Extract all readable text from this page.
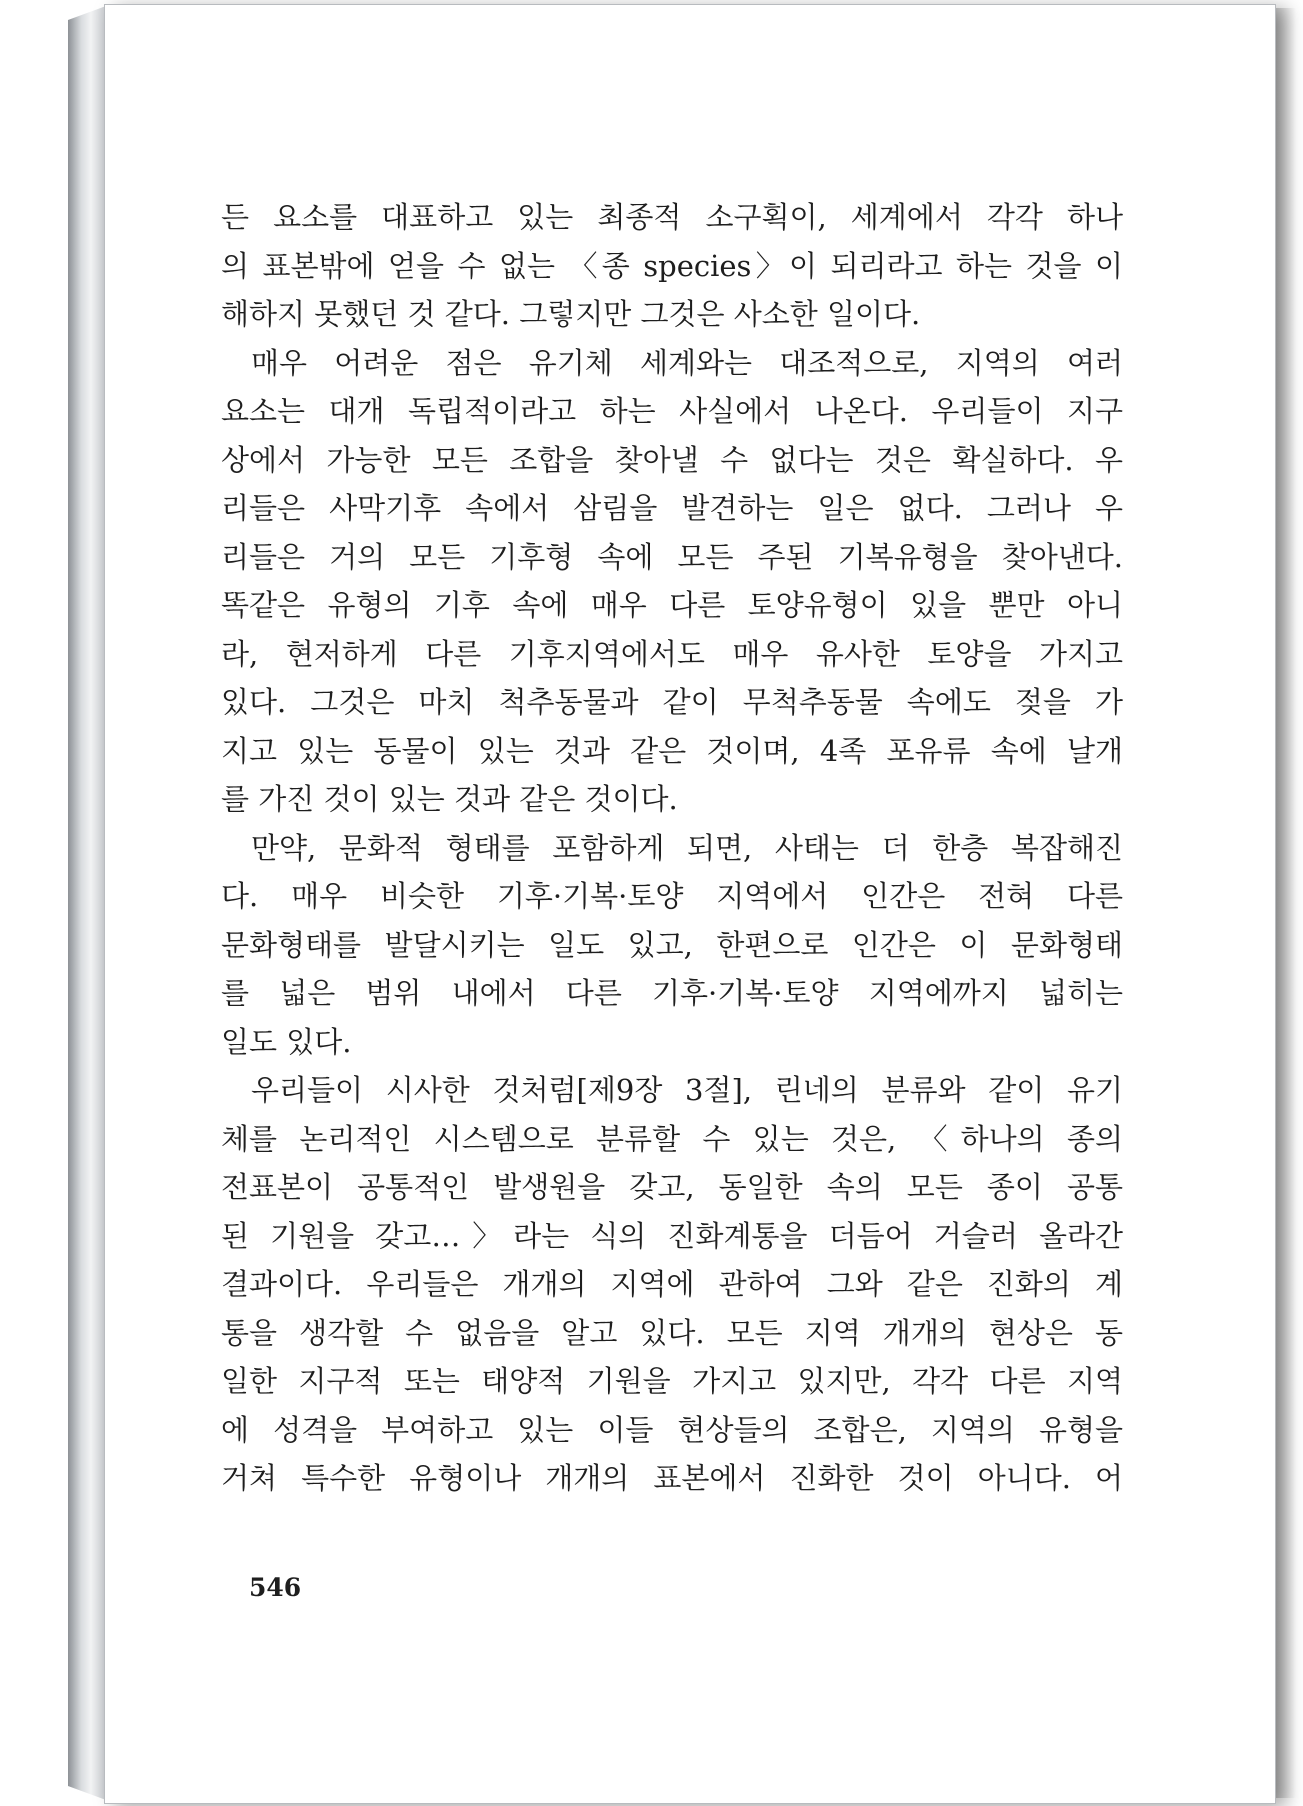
든 요소를 대표하고 있는 최종적 소구획이, 세계에서 각각 하나
의 표본밖에 얻을 수 없는 〈종 species〉이 되리라고 하는 것을 이
해하지 못했던 것 같다. 그렇지만 그것은 사소한 일이다.
매우 어려운 점은 유기체 세계와는 대조적으로, 지역의 여러
요소는 대개 독립적이라고 하는 사실에서 나온다. 우리들이 지구
상에서 가능한 모든 조합을 찾아낼 수 없다는 것은 확실하다. 우
리들은 사막기후 속에서 삼림을 발견하는 일은 없다. 그러나 우
리들은 거의 모든 기후형 속에 모든 주된 기복유형을 찾아낸다.
똑같은 유형의 기후 속에 매우 다른 토양유형이 있을 뿐만 아니
라, 현저하게 다른 기후지역에서도 매우 유사한 토양을 가지고
있다. 그것은 마치 척추동물과 같이 무척추동물 속에도 젖을 가
지고 있는 동물이 있는 것과 같은 것이며, 4족 포유류 속에 날개
를 가진 것이 있는 것과 같은 것이다.
만약, 문화적 형태를 포함하게 되면, 사태는 더 한층 복잡해진
다. 매우 비슷한 기후·기복·토양 지역에서 인간은 전혀 다른
문화형태를 발달시키는 일도 있고, 한편으로 인간은 이 문화형태
를 넓은 범위 내에서 다른 기후·기복·토양 지역에까지 넓히는
일도 있다.
우리들이 시사한 것처럼[제9장 3절], 린네의 분류와 같이 유기
체를 논리적인 시스템으로 분류할 수 있는 것은, 〈하나의 종의
전표본이 공통적인 발생원을 갖고, 동일한 속의 모든 종이 공통
된 기원을 갖고…〉라는 식의 진화계통을 더듬어 거슬러 올라간
결과이다. 우리들은 개개의 지역에 관하여 그와 같은 진화의 계
통을 생각할 수 없음을 알고 있다. 모든 지역 개개의 현상은 동
일한 지구적 또는 태양적 기원을 가지고 있지만, 각각 다른 지역
에 성격을 부여하고 있는 이들 현상들의 조합은, 지역의 유형을
거쳐 특수한 유형이나 개개의 표본에서 진화한 것이 아니다. 어
546
